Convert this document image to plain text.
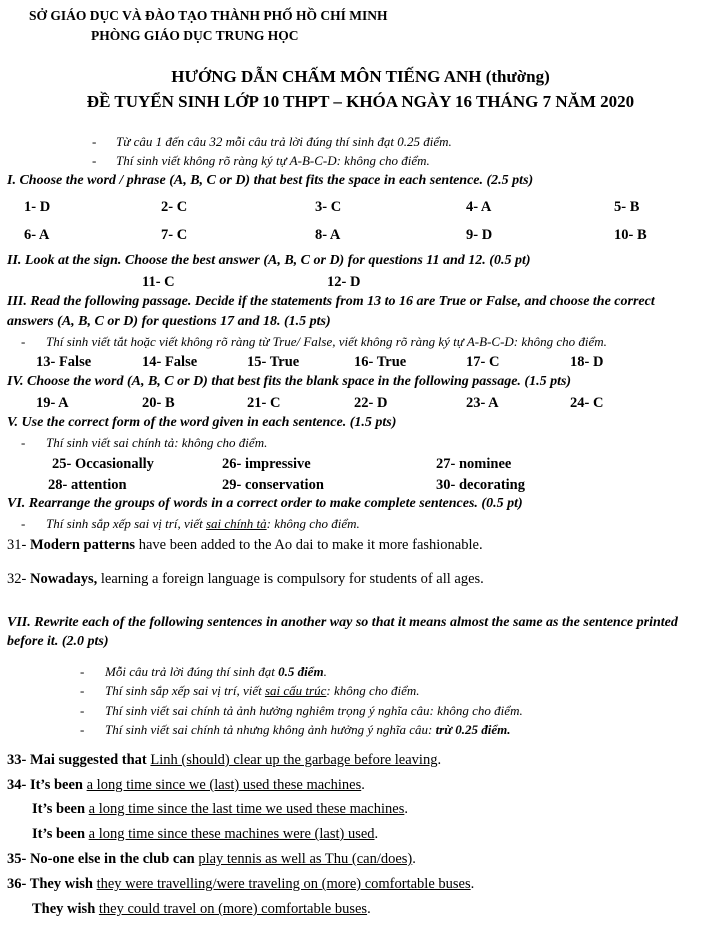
SỞ GIÁO DỤC VÀ ĐÀO TẠO THÀNH PHỐ HỒ CHÍ MINH
PHÒNG GIÁO DỤC TRUNG HỌC
HƯỚNG DẪN CHẤM MÔN TIẾNG ANH (thường)
ĐỀ TUYỂN SINH LỚP 10 THPT – KHÓA NGÀY 16 THÁNG 7 NĂM 2020
- Từ câu 1 đến câu 32 mỗi câu trả lời đúng thí sinh đạt 0.25 điểm.
- Thí sinh viết không rõ ràng ký tự A-B-C-D: không cho điểm.
I. Choose the word / phrase (A, B, C or D) that best fits the space in each sentence. (2.5 pts)
1- D	2- C	3- C	4- A	5- B
6- A	7- C	8- A	9- D	10- B
II. Look at the sign. Choose the best answer (A, B, C or D) for questions 11 and 12. (0.5 pt)
11- C	12- D
III. Read the following passage. Decide if the statements from 13 to 16 are True or False, and choose the correct
answers (A, B, C or D) for questions 17 and 18. (1.5 pts)
- Thí sinh viết tắt hoặc viết không rõ ràng từ True/ False, viết không rõ ràng ký tự A-B-C-D: không cho điểm.
13- False	14- False	15- True	16- True	17- C	18- D
IV. Choose the word (A, B, C or D) that best fits the blank space in the following passage. (1.5 pts)
19- A	20- B	21- C	22- D	23- A	24- C
V. Use the correct form of the word given in each sentence. (1.5 pts)
- Thí sinh viết sai chính tả: không cho điểm.
25- Occasionally	26- impressive	27- nominee
28- attention	29- conservation	30- decorating
VI. Rearrange the groups of words in a correct order to make complete sentences. (0.5 pt)
- Thí sinh sắp xếp sai vị trí, viết sai chính tả: không cho điểm.
31- Modern patterns have been added to the Ao dai to make it more fashionable.
32- Nowadays, learning a foreign language is compulsory for students of all ages.
VII. Rewrite each of the following sentences in another way so that it means almost the same as the sentence printed
before it. (2.0 pts)
- Mỗi câu trả lời đúng thí sinh đạt 0.5 điểm.
- Thí sinh sắp xếp sai vị trí, viết sai cấu trúc: không cho điểm.
- Thí sinh viết sai chính tả ảnh hưởng nghiêm trọng ý nghĩa câu: không cho điểm.
- Thí sinh viết sai chính tả nhưng không ảnh hưởng ý nghĩa câu: trừ 0.25 điểm.
33- Mai suggested that Linh (should) clear up the garbage before leaving.
34- It’s been a long time since we (last) used these machines.
It’s been a long time since the last time we used these machines.
It’s been a long time since these machines were (last) used.
35- No-one else in the club can play tennis as well as Thu (can/does).
36- They wish they were travelling/were traveling on (more) comfortable buses.
They wish they could travel on (more) comfortable buses.
